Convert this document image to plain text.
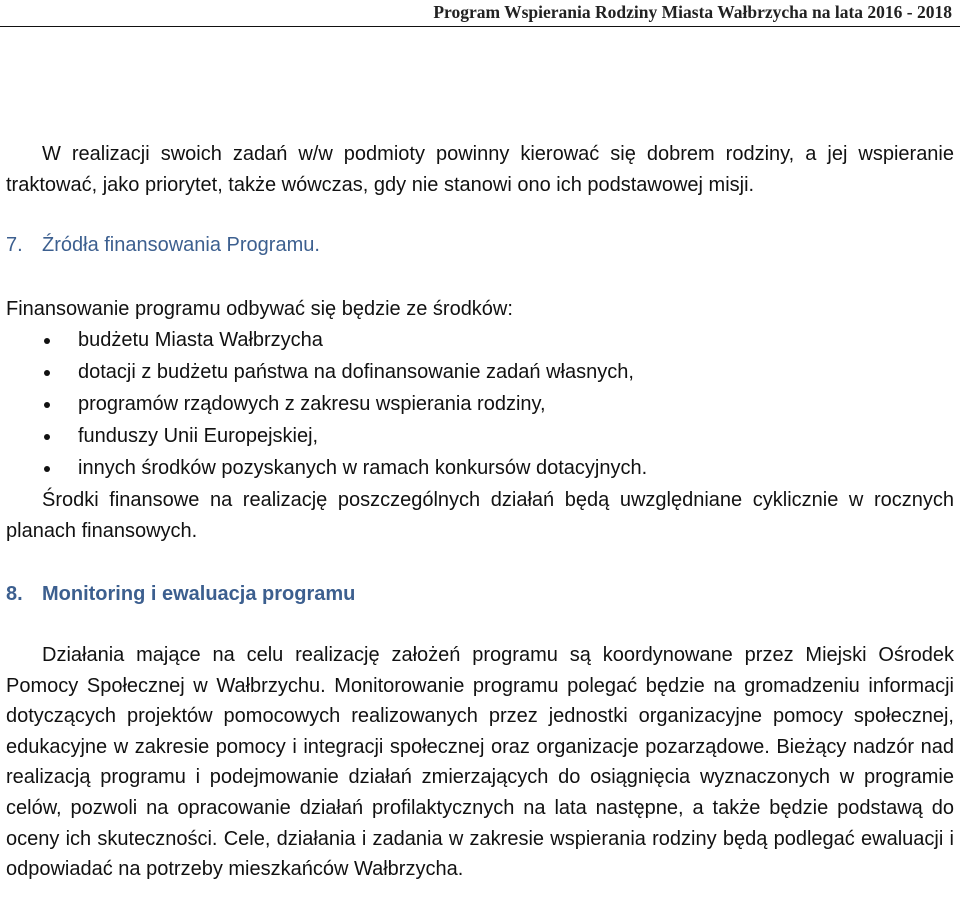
Program Wspierania Rodziny Miasta Wałbrzycha na lata 2016 - 2018

W realizacji swoich zadań w/w podmioty powinny kierować się dobrem rodziny, a jej wspieranie traktować, jako priorytet, także wówczas, gdy nie stanowi ono ich podstawowej misji.

7. Źródła finansowania Programu.
Finansowanie programu odbywać się będzie ze środków:
budżetu Miasta Wałbrzycha
dotacji z budżetu państwa na dofinansowanie zadań własnych,
programów rządowych z zakresu wspierania rodziny,
funduszy Unii Europejskiej,
innych środków pozyskanych w ramach konkursów dotacyjnych.

Środki finansowe na realizację poszczególnych działań będą uwzględniane cyklicznie w rocznych planach finansowych.

8. Monitoring i ewaluacja programu

Działania mające na celu realizację założeń programu są koordynowane przez Miejski Ośrodek Pomocy Społecznej w Wałbrzychu. Monitorowanie programu polegać będzie na gromadzeniu informacji dotyczących projektów pomocowych realizowanych przez jednostki organizacyjne pomocy społecznej, edukacyjne w zakresie pomocy i integracji społecznej oraz organizacje pozarządowe. Bieżący nadzór nad realizacją programu i podejmowanie działań zmierzających do osiągnięcia wyznaczonych w programie celów, pozwoli na opracowanie działań profilaktycznych na lata następne, a także będzie podstawą do oceny ich skuteczności. Cele, działania i zadania w zakresie wspierania rodziny będą podlegać ewaluacji i odpowiadać na potrzeby mieszkańców Wałbrzycha.
